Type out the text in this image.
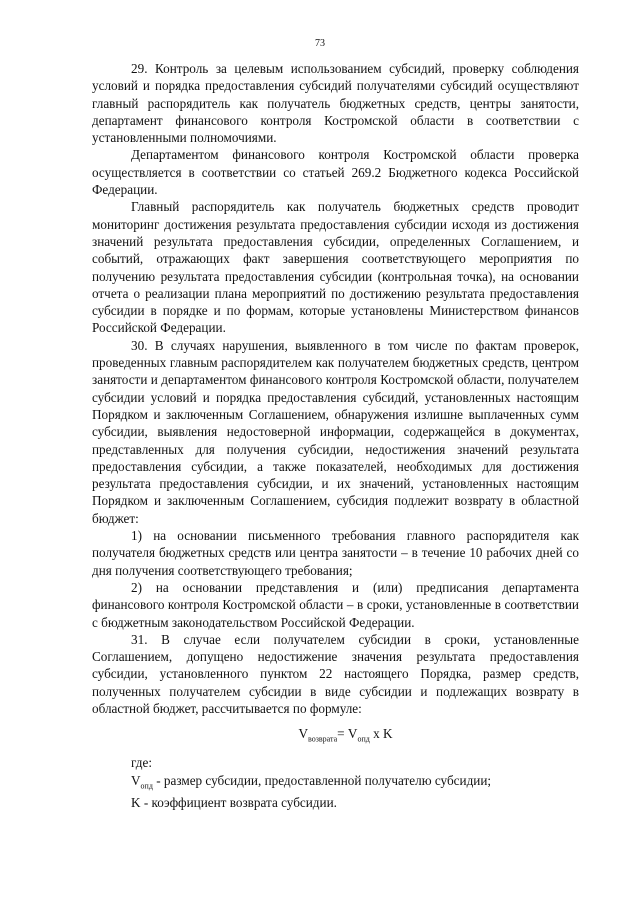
73

29. Контроль за целевым использованием субсидий, проверку соблюдения условий и порядка предоставления субсидий получателями субсидий осуществляют главный распорядитель как получатель бюджетных средств, центры занятости, департамент финансового контроля Костромской области в соответствии с установленными полномочиями.

Департаментом финансового контроля Костромской области проверка осуществляется в соответствии со статьей 269.2 Бюджетного кодекса Российской Федерации.

Главный распорядитель как получатель бюджетных средств проводит мониторинг достижения результата предоставления субсидии исходя из достижения значений результата предоставления субсидии, определенных Соглашением, и событий, отражающих факт завершения соответствующего мероприятия по получению результата предоставления субсидии (контрольная точка), на основании отчета о реализации плана мероприятий по достижению результата предоставления субсидии в порядке и по формам, которые установлены Министерством финансов Российской Федерации.

30. В случаях нарушения, выявленного в том числе по фактам проверок, проведенных главным распорядителем как получателем бюджетных средств, центром занятости и департаментом финансового контроля Костромской области, получателем субсидии условий и порядка предоставления субсидий, установленных настоящим Порядком и заключенным Соглашением, обнаружения излишне выплаченных сумм субсидии, выявления недостоверной информации, содержащейся в документах, представленных для получения субсидии, недостижения значений результата предоставления субсидии, а также показателей, необходимых для достижения результата предоставления субсидии, и их значений, установленных настоящим Порядком и заключенным Соглашением, субсидия подлежит возврату в областной бюджет:

1) на основании письменного требования главного распорядителя как получателя бюджетных средств или центра занятости – в течение 10 рабочих дней со дня получения соответствующего требования;

2) на основании представления и (или) предписания департамента финансового контроля Костромской области – в сроки, установленные в соответствии с бюджетным законодательством Российской Федерации.

31. В случае если получателем субсидии в сроки, установленные Соглашением, допущено недостижение значения результата предоставления субсидии, установленного пунктом 22 настоящего Порядка, размер средств, полученных получателем субсидии в виде субсидии и подлежащих возврату в областной бюджет, рассчитывается по формуле:

$V_{возврата}= V_{опд}$ x K

где:

$V_{опд}$ - размер субсидии, предоставленной получателю субсидии;

K - коэффициент возврата субсидии.
